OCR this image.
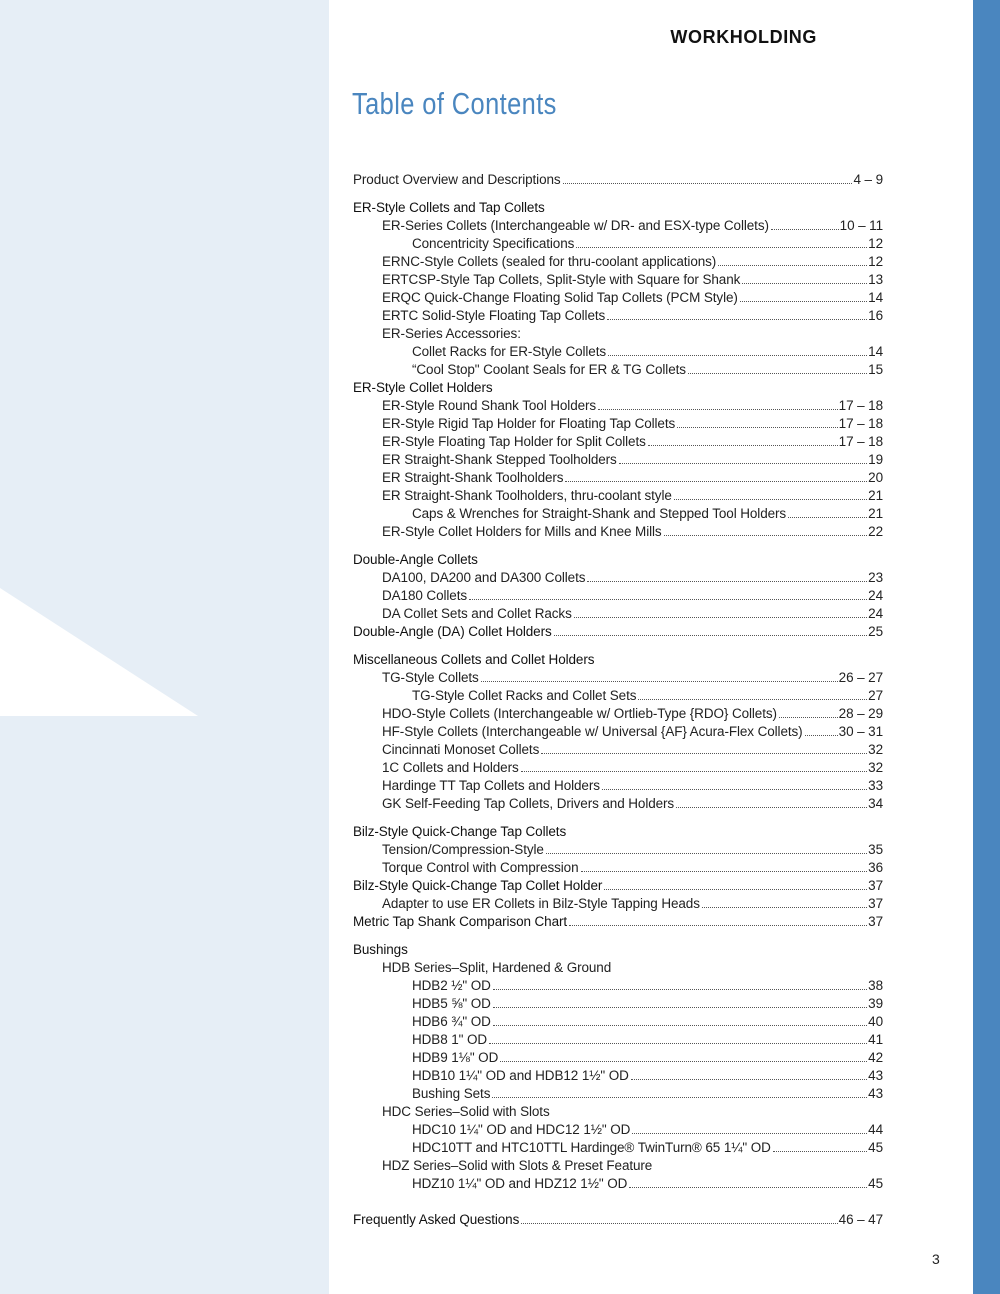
WORKHOLDING
Table of Contents
Product Overview and Descriptions	4 – 9
ER-Style Collets and Tap Collets
ER-Series Collets (Interchangeable w/ DR- and ESX-type Collets)	10 – 11
Concentricity Specifications	12
ERNC-Style Collets (sealed for thru-coolant applications)	12
ERTCSP-Style Tap Collets, Split-Style with Square for Shank	13
ERQC Quick-Change Floating Solid Tap Collets (PCM Style)	14
ERTC Solid-Style Floating Tap Collets	16
ER-Series Accessories:
Collet Racks for ER-Style Collets	14
“Cool Stop" Coolant Seals for ER & TG Collets	15
ER-Style Collet Holders
ER-Style Round Shank Tool Holders	17 – 18
ER-Style Rigid Tap Holder for Floating Tap Collets	17 – 18
ER-Style Floating Tap Holder for Split Collets	17 – 18
ER Straight-Shank Stepped Toolholders	19
ER Straight-Shank Toolholders	20
ER Straight-Shank Toolholders, thru-coolant style	21
Caps & Wrenches for Straight-Shank and Stepped Tool Holders	21
ER-Style Collet Holders for Mills and Knee Mills	22
Double-Angle Collets
DA100, DA200 and DA300 Collets	23
DA180 Collets	24
DA Collet Sets and Collet Racks	24
Double-Angle (DA) Collet Holders	25
Miscellaneous Collets and Collet Holders
TG-Style Collets	26 – 27
TG-Style Collet Racks and Collet Sets	27
HDO-Style Collets (Interchangeable w/ Ortlieb-Type {RDO} Collets)	28 – 29
HF-Style Collets (Interchangeable w/ Universal {AF} Acura-Flex Collets)	30 – 31
Cincinnati Monoset Collets	32
1C Collets and Holders	32
Hardinge TT Tap Collets and Holders	33
GK Self-Feeding Tap Collets, Drivers and Holders	34
Bilz-Style Quick-Change Tap Collets
Tension/Compression-Style	35
Torque Control with Compression	36
Bilz-Style Quick-Change Tap Collet Holder	37
Adapter to use ER Collets in Bilz-Style Tapping Heads	37
Metric Tap Shank Comparison Chart	37
Bushings
HDB Series–Split, Hardened & Ground
HDB2 ½" OD	38
HDB5 ⅝" OD	39
HDB6 ¾" OD	40
HDB8 1" OD	41
HDB9 1⅛" OD	42
HDB10 1¼" OD and HDB12 1½" OD	43
Bushing Sets	43
HDC Series–Solid with Slots
HDC10 1¼" OD and HDC12 1½" OD	44
HDC10TT and HTC10TTL Hardinge® TwinTurn® 65 1¼" OD	45
HDZ Series–Solid with Slots & Preset Feature
HDZ10 1¼" OD and HDZ12 1½" OD	45
Frequently Asked Questions	46 – 47
3
